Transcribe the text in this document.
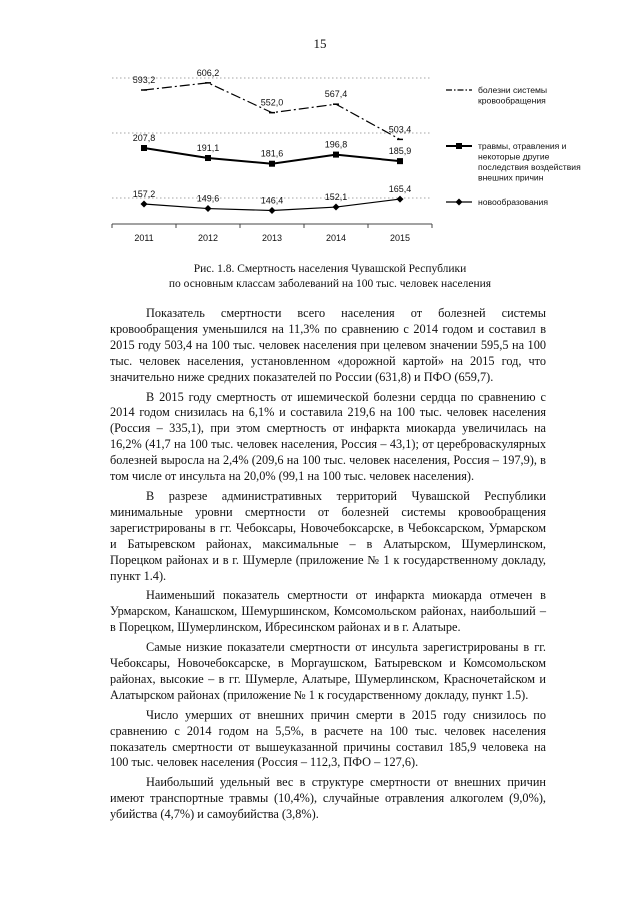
15
2011	2012	2013	2014	2015
593,2
606,2
552,0
567,4
503,4
207,8
191,1
181,6
196,8
185,9
157,2	149,6	146,4	152,1
165,4
болезни системы
кровообращения
травмы, отравления и
некоторые другие
последствия воздействия
внешних причин
новообразования
Рис. 1.8. Смертность населения Чувашской Республики
по основным классам заболеваний на 100 тыс. человек населения

Показатель смертности всего населения от болезней системы кровообращения уменьшился на 11,3% по сравнению с 2014 годом и составил в 2015 году 503,4 на 100 тыс. человек населения при целевом значении 595,5 на 100 тыс. человек населения, установленном «дорожной картой» на 2015 год, что значительно ниже средних показателей по России (631,8) и ПФО (659,7).

В 2015 году смертность от ишемической болезни сердца по сравнению с 2014 годом снизилась на 6,1% и составила 219,6 на 100 тыс. человек населения (Россия – 335,1), при этом смертность от инфаркта миокарда увеличилась на 16,2% (41,7 на 100 тыс. человек населения, Россия – 43,1); от цереброваскулярных болезней выросла на 2,4% (209,6 на 100 тыс. человек населения, Россия – 197,9), в том числе от инсульта на 20,0% (99,1 на 100 тыс. человек населения).

В разрезе административных территорий Чувашской Республики минимальные уровни смертности от болезней системы кровообращения зарегистрированы в гг. Чебоксары, Новочебоксарске, в Чебоксарском, Урмарском и Батыревском районах, максимальные – в Алатырском, Шумерлинском, Порецком районах и в г. Шумерле (приложение № 1 к государственному докладу, пункт 1.4).

Наименьший показатель смертности от инфаркта миокарда отмечен в Урмарском, Канашском, Шемуршинском, Комсомольском районах, наибольший – в Порецком, Шумерлинском, Ибресинском районах и в г. Алатыре.

Самые низкие показатели смертности от инсульта зарегистрированы в гг. Чебоксары, Новочебоксарске, в Моргаушском, Батыревском и Комсомольском районах, высокие – в гг. Шумерле, Алатыре, Шумерлинском, Красночетайском и Алатырском районах (приложение № 1 к государственному докладу, пункт 1.5).

Число умерших от внешних причин смерти в 2015 году снизилось по сравнению с 2014 годом на 5,5%, в расчете на 100 тыс. человек населения показатель смертности от вышеуказанной причины составил 185,9 человека на 100 тыс. человек населения (Россия – 112,3, ПФО – 127,6).

Наибольший удельный вес в структуре смертности от внешних причин имеют транспортные травмы (10,4%), случайные отравления алкоголем (9,0%), убийства (4,7%) и самоубийства (3,8%).
